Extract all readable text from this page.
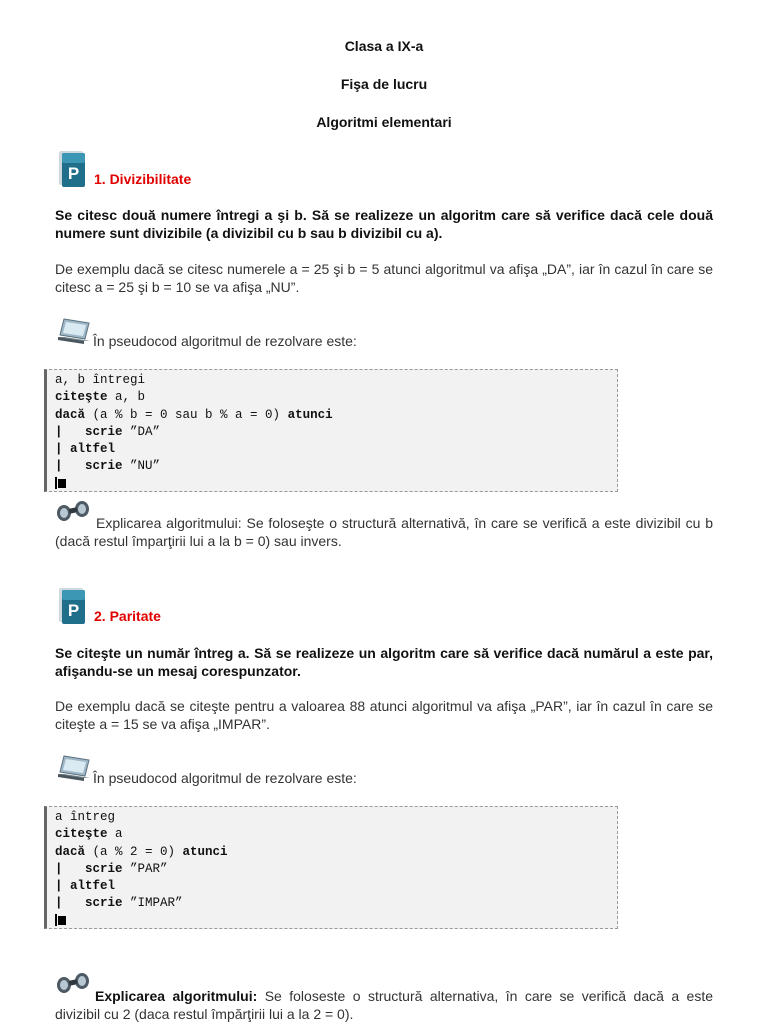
Clasa a IX-a
Fişa de lucru
Algoritmi elementari
P 1. Divizibilitate
Se citesc două numere întregi a şi b. Să se realizeze un algoritm care să verifice dacă cele două numere sunt divizibile (a divizibil cu b sau b divizibil cu a).
De exemplu dacă se citesc numerele a = 25 şi b = 5 atunci algoritmul va afişa „DA”, iar în cazul în care se citesc a = 25 şi b = 10 se va afişa „NU”.
În pseudocod algoritmul de rezolvare este:
a, b întregi
citeşte a, b
dacă (a % b = 0 sau b % a = 0) atunci
|   scrie ”DA”
| altfel
|   scrie ”NU”
Explicarea algoritmului: Se foloseşte o structură alternativă, în care se verifică a este divizibil cu b (dacă restul împarţirii lui a la b = 0) sau invers.
P 2. Paritate
Se citeşte un număr întreg a. Să se realizeze un algoritm care să verifice dacă numărul a este par, afişandu-se un mesaj corespunzator.
De exemplu dacă se citeşte pentru a valoarea 88 atunci algoritmul va afişa „PAR”, iar în cazul în care se citeşte a = 15 se va afişa „IMPAR”.
În pseudocod algoritmul de rezolvare este:
a întreg
citeşte a
dacă (a % 2 = 0) atunci
|   scrie ”PAR”
| altfel
|   scrie ”IMPAR”
Explicarea algoritmului: Se foloseste o structură alternativa, în care se verifică dacă a este divizibil cu 2 (daca restul împărţirii lui a la 2 = 0).
